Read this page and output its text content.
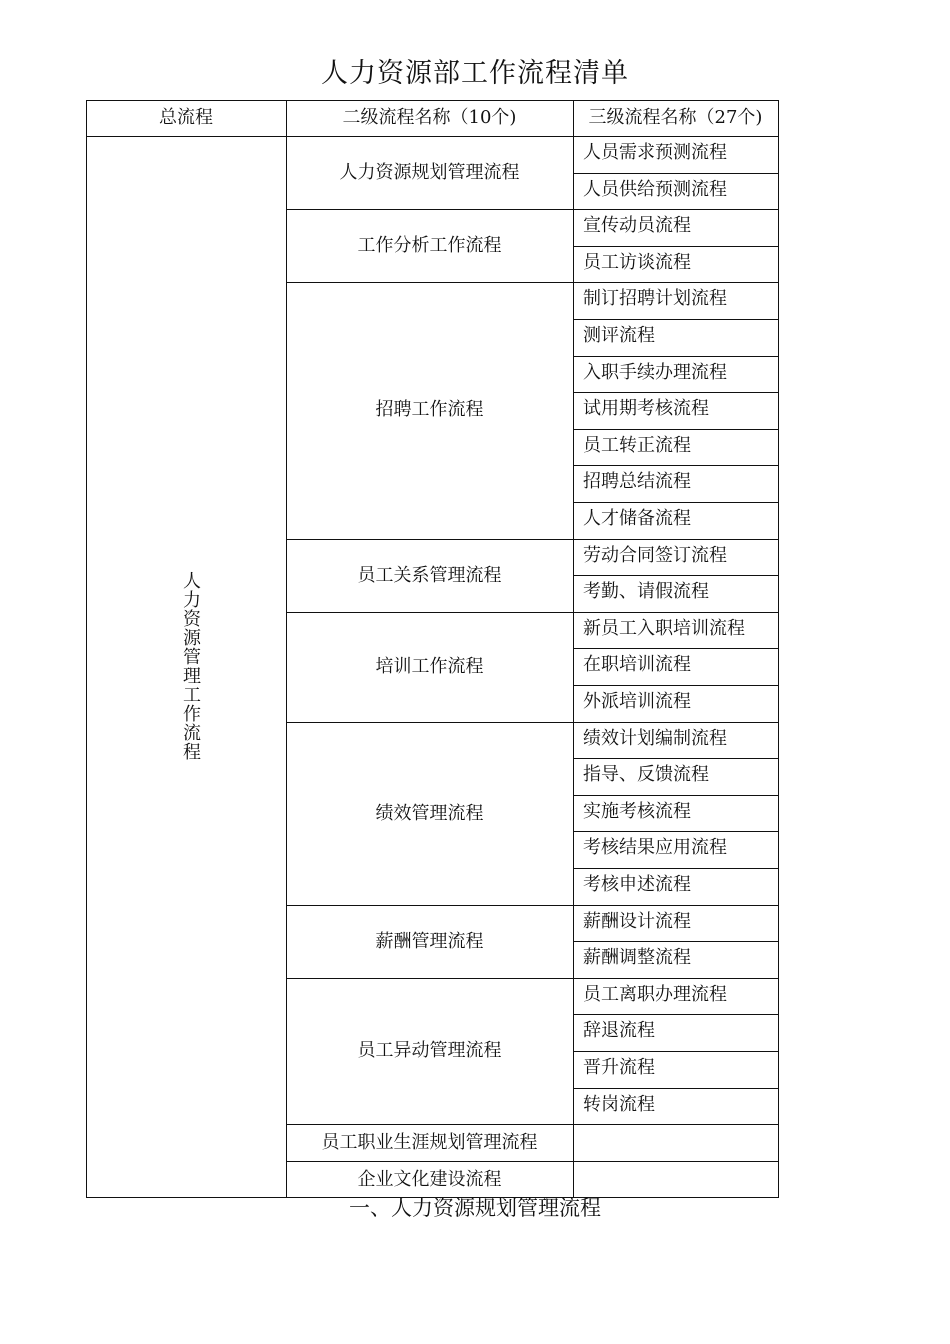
人力资源部工作流程清单
总流程	二级流程名称（10个)	三级流程名称（27个)
人力资源管理工作流程
人力资源规划管理流程
人员需求预测流程
人员供给预测流程
工作分析工作流程
宣传动员流程
员工访谈流程
招聘工作流程
制订招聘计划流程
测评流程
入职手续办理流程
试用期考核流程
员工转正流程
招聘总结流程
人才储备流程
员工关系管理流程
劳动合同签订流程
考勤、请假流程
培训工作流程
新员工入职培训流程
在职培训流程
外派培训流程
绩效管理流程
绩效计划编制流程
指导、反馈流程
实施考核流程
考核结果应用流程
考核申述流程
薪酬管理流程
薪酬设计流程
薪酬调整流程
员工异动管理流程
员工离职办理流程
辞退流程
晋升流程
转岗流程
员工职业生涯规划管理流程
企业文化建设流程
一、人力资源规划管理流程
